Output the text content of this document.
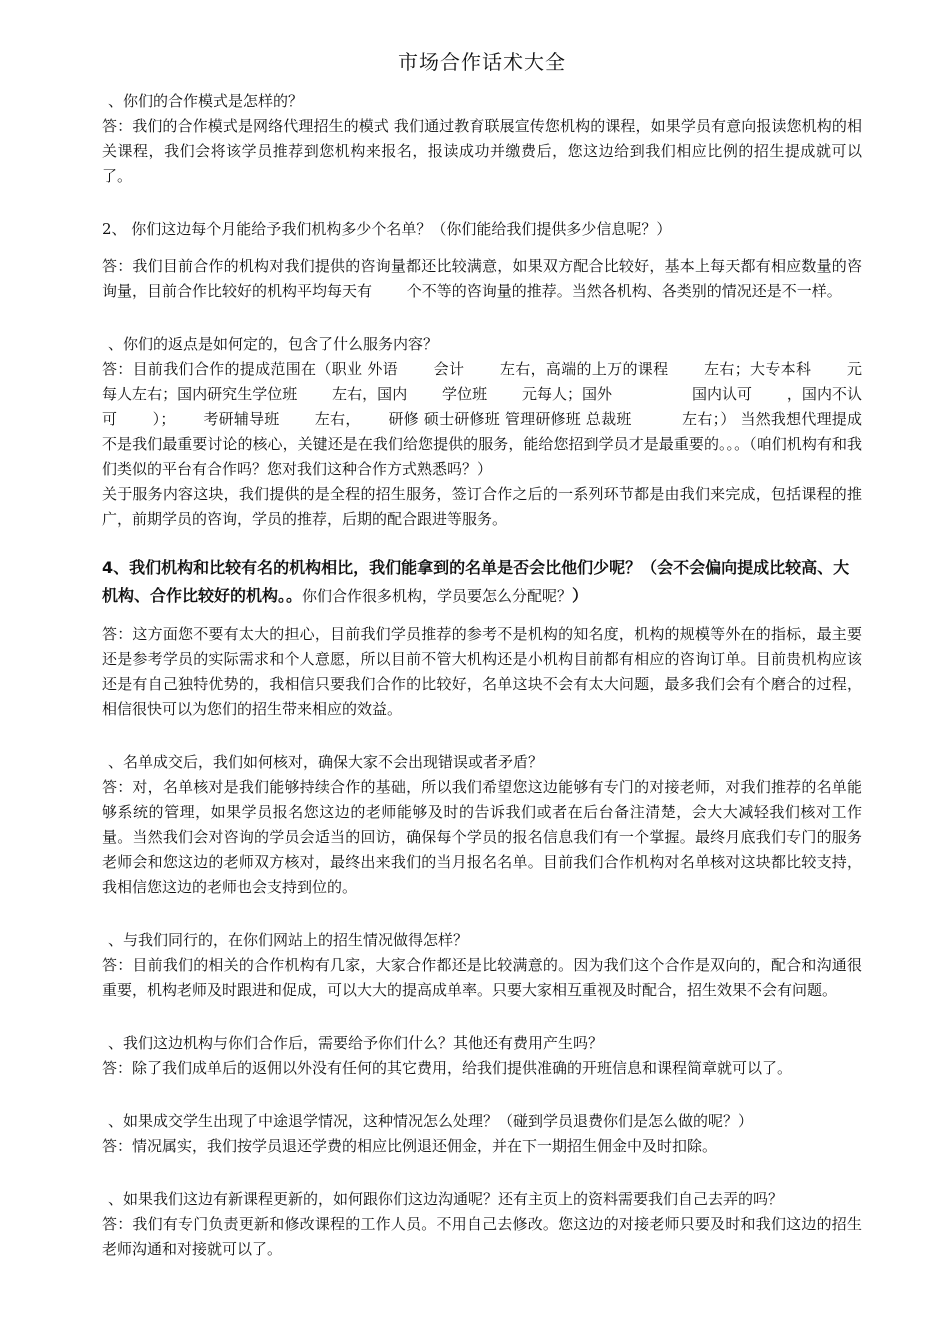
市场合作话术大全

、你们的合作模式是怎样的？

答：我们的合作模式是网络代理招生的模式 我们通过教育联展宣传您机构的课程，如果学员有意向报读您机构的相关课程，我们会将该学员推荐到您机构来报名，报读成功并缴费后，您这边给到我们相应比例的招生提成就可以了。

2、 你们这边每个月能给予我们机构多少个名单？（你们能给我们提供多少信息呢？）

答：我们目前合作的机构对我们提供的咨询量都还比较满意，如果双方配合比较好，基本上每天都有相应数量的咨询量，目前合作比较好的机构平均每天有　　 个不等的咨询量的推荐。当然各机构、各类别的情况还是不一样。

、你们的返点是如何定的，包含了什么服务内容？

答：目前我们合作的提成范围在（职业 外语　　 会计　　 左右，高端的上万的课程　　 左右；大专本科　　 元 每人左右；国内研究生学位班　　 左右，国内　　 学位班　　 元每人；国外　　　　　 国内认可　　 ，国内不认可　　 ）；　　 考研辅导班　　 左右，　　 研修 硕士研修班 管理研修班 总裁班　　　 左右；） 当然我想代理提成不是我们最重要讨论的核心，关键还是在我们给您提供的服务，能给您招到学员才是最重要的。。。（咱们机构有和我们类似的平台有合作吗？您对我们这种合作方式熟悉吗？）

关于服务内容这块，我们提供的是全程的招生服务，签订合作之后的一系列环节都是由我们来完成，包括课程的推广，前期学员的咨询，学员的推荐，后期的配合跟进等服务。

4、我们机构和比较有名的机构相比，我们能拿到的名单是否会比他们少呢？（会不会偏向提成比较高、大机构、合作比较好的机构。。你们合作很多机构，学员要怎么分配呢？）

答：这方面您不要有太大的担心，目前我们学员推荐的参考不是机构的知名度，机构的规模等外在的指标，最主要还是参考学员的实际需求和个人意愿，所以目前不管大机构还是小机构目前都有相应的咨询订单。目前贵机构应该还是有自己独特优势的，我相信只要我们合作的比较好，名单这块不会有太大问题，最多我们会有个磨合的过程，相信很快可以为您们的招生带来相应的效益。

、名单成交后，我们如何核对，确保大家不会出现错误或者矛盾？

答：对，名单核对是我们能够持续合作的基础，所以我们希望您这边能够有专门的对接老师，对我们推荐的名单能够系统的管理，如果学员报名您这边的老师能够及时的告诉我们或者在后台备注清楚，会大大减轻我们核对工作量。当然我们会对咨询的学员会适当的回访，确保每个学员的报名信息我们有一个掌握。最终月底我们专门的服务老师会和您这边的老师双方核对，最终出来我们的当月报名名单。目前我们合作机构对名单核对这块都比较支持，我相信您这边的老师也会支持到位的。

、与我们同行的，在你们网站上的招生情况做得怎样？

答：目前我们的相关的合作机构有几家，大家合作都还是比较满意的。因为我们这个合作是双向的，配合和沟通很重要，机构老师及时跟进和促成，可以大大的提高成单率。只要大家相互重视及时配合，招生效果不会有问题。

、我们这边机构与你们合作后，需要给予你们什么？其他还有费用产生吗？

答：除了我们成单后的返佣以外没有任何的其它费用，给我们提供准确的开班信息和课程简章就可以了。

、如果成交学生出现了中途退学情况，这种情况怎么处理？（碰到学员退费你们是怎么做的呢？）

答：情况属实，我们按学员退还学费的相应比例退还佣金，并在下一期招生佣金中及时扣除。

、如果我们这边有新课程更新的，如何跟你们这边沟通呢？还有主页上的资料需要我们自己去弄的吗？

答：我们有专门负责更新和修改课程的工作人员。不用自己去修改。您这边的对接老师只要及时和我们这边的招生老师沟通和对接就可以了。
